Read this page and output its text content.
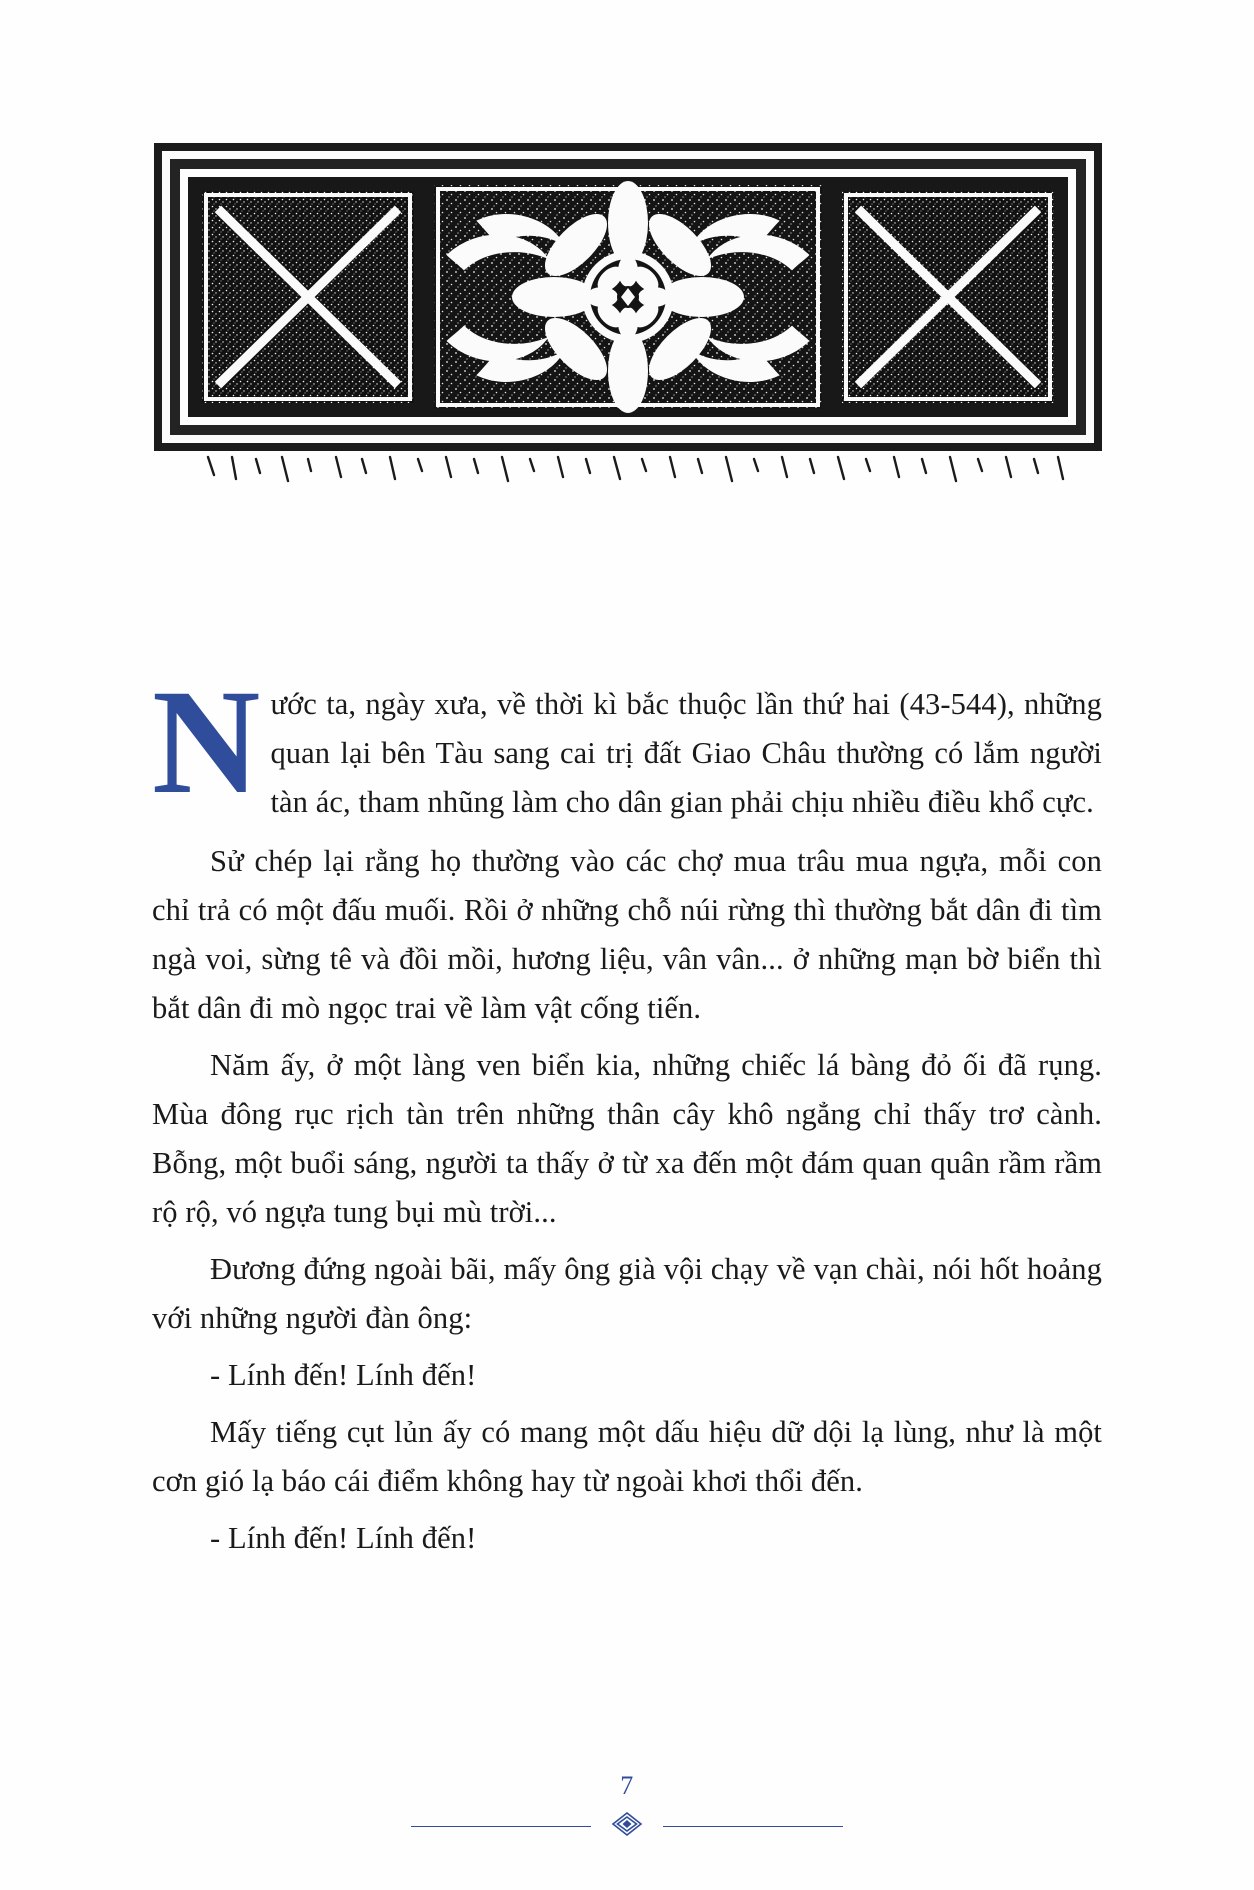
Nước ta, ngày xưa, về thời kì bắc thuộc lần thứ hai (43-544), những quan lại bên Tàu sang cai trị đất Giao Châu thường có lắm người tàn ác, tham nhũng làm cho dân gian phải chịu nhiều điều khổ cực.

Sử chép lại rằng họ thường vào các chợ mua trâu mua ngựa, mỗi con chỉ trả có một đấu muối. Rồi ở những chỗ núi rừng thì thường bắt dân đi tìm ngà voi, sừng tê và đồi mồi, hương liệu, vân vân... ở những mạn bờ biển thì bắt dân đi mò ngọc trai về làm vật cống tiến.

Năm ấy, ở một làng ven biển kia, những chiếc lá bàng đỏ ối đã rụng. Mùa đông rục rịch tàn trên những thân cây khô ngẳng chỉ thấy trơ cành. Bỗng, một buổi sáng, người ta thấy ở từ xa đến một đám quan quân rầm rầm rộ rộ, vó ngựa tung bụi mù trời...

Đương đứng ngoài bãi, mấy ông già vội chạy về vạn chài, nói hốt hoảng với những người đàn ông:

- Lính đến! Lính đến!

Mấy tiếng cụt lủn ấy có mang một dấu hiệu dữ dội lạ lùng, như là một cơn gió lạ báo cái điểm không hay từ ngoài khơi thổi đến.

- Lính đến! Lính đến!

7
